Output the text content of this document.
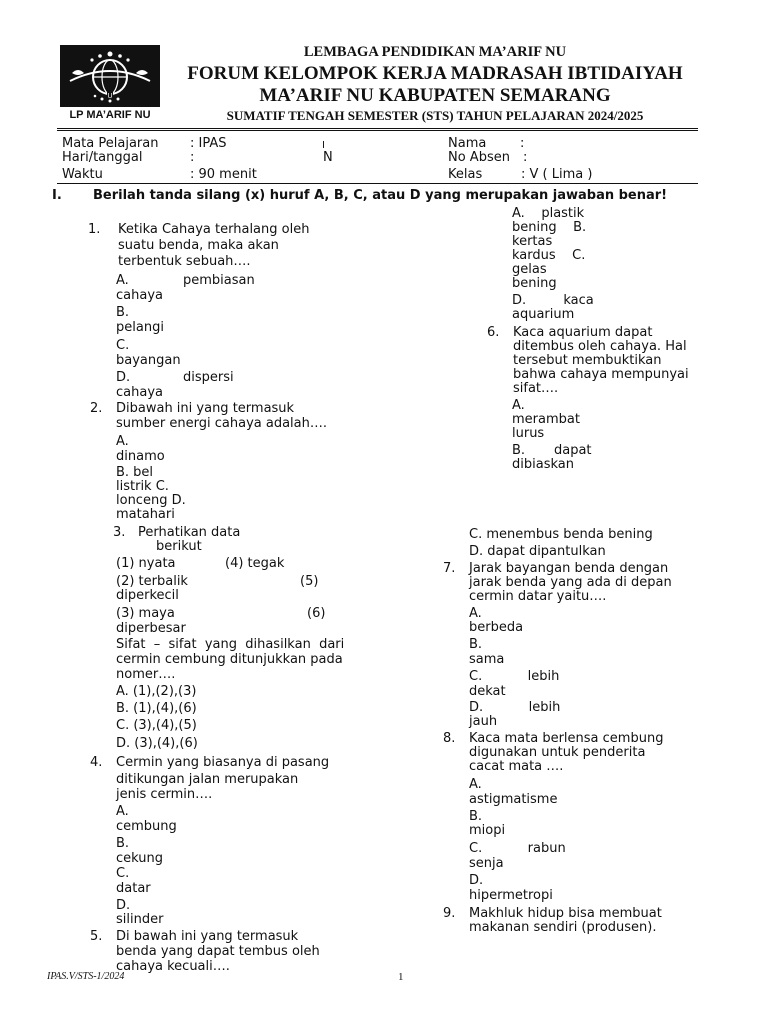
U
LP MA’ARIF NU
LEMBAGA PENDIDIKAN MA’ARIF NU
FORUM KELOMPOK KERJA MADRASAH IBTIDAIYAH
MA’ARIF NU KABUPATEN SEMARANG
SUMATIF TENGAH SEMESTER (STS) TAHUN PELAJARAN 2024/2025
Mata Pelajaran : IPAS
Hari/tanggal	:
Waktu	: 90 menit
I
N
Nama	:
No Absen :
Kelas	: V ( Lima )
I. Berilah tanda silang (x) huruf A, B, C, atau D yang merupakan jawaban benar!
1. Ketika Cahaya terhalang oleh
suatu benda, maka akan
terbentuk sebuah….
A.	pembiasan
cahaya
B.
pelangi
C.
bayangan
D.	dispersi
cahaya
2. Dibawah ini yang termasuk
sumber energi cahaya adalah….
A.
dinamo
B. bel
listrik C.
lonceng D.
matahari
3. Perhatikan data
berikut
(1) nyata	(4) tegak
(2) terbalik	(5)
diperkecil
(3) maya	(6)
diperbesar
Sifat  –  sifat  yang  dihasilkan  dari
cermin cembung ditunjukkan pada
nomer….
A. (1),(2),(3)
B. (1),(4),(6)
C. (3),(4),(5)
D. (3),(4),(6)
4. Cermin yang biasanya di pasang
ditikungan jalan merupakan
jenis cermin….
A.
cembung
B.
cekung
C.
datar
D.
silinder
5. Di bawah ini yang termasuk
benda yang dapat tembus oleh
cahaya kecuali….
A.    plastik
bening    B.
kertas
kardus    C.
gelas
bening
D.         kaca
aquarium
6. Kaca aquarium dapat
ditembus oleh cahaya. Hal
tersebut membuktikan
bahwa cahaya mempunyai
sifat….
A.
merambat
lurus
B.       dapat
dibiaskan
C. menembus benda bening
D. dapat dipantulkan
7. Jarak bayangan benda dengan
jarak benda yang ada di depan
cermin datar yaitu….
A.
berbeda
B.
sama
C.           lebih
dekat
D.           lebih
jauh
8. Kaca mata berlensa cembung
digunakan untuk penderita
cacat mata ….
A.
astigmatisme
B.
miopi
C.           rabun
senja
D.
hipermetropi
9. Makhluk hidup bisa membuat
makanan sendiri (produsen).
IPAS.V/STS-1/2024	1
